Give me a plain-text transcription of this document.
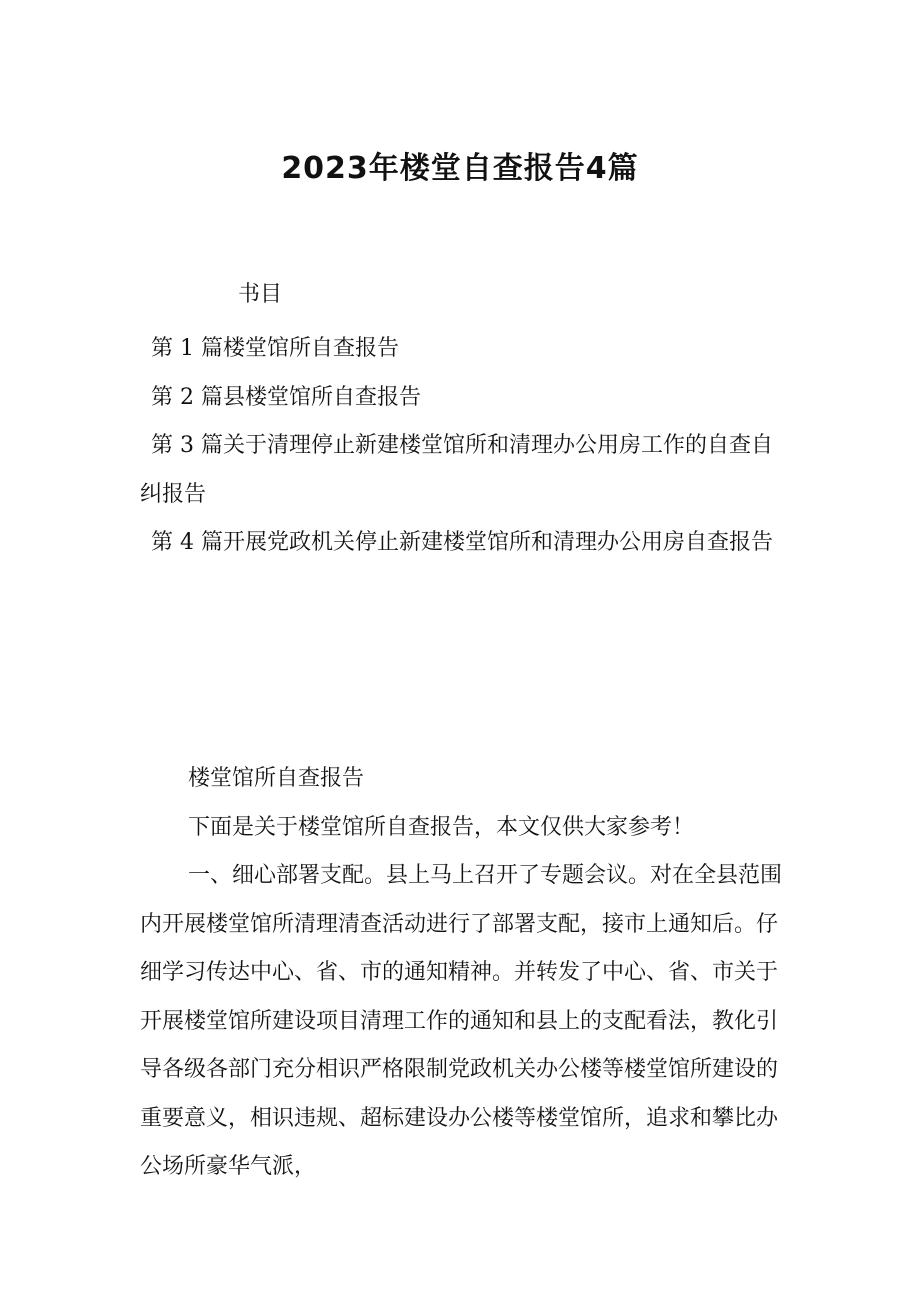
2023年楼堂自查报告4篇
书目
第 1 篇楼堂馆所自查报告
第 2 篇县楼堂馆所自查报告
第 3 篇关于清理停止新建楼堂馆所和清理办公用房工作的自查自纠报告
第 4 篇开展党政机关停止新建楼堂馆所和清理办公用房自查报告

楼堂馆所自查报告

下面是关于楼堂馆所自查报告，本文仅供大家参考！

一、细心部署支配。县上马上召开了专题会议。对在全县范围内开展楼堂馆所清理清查活动进行了部署支配，接市上通知后。仔细学习传达中心、省、市的通知精神。并转发了中心、省、市关于开展楼堂馆所建设项目清理工作的通知和县上的支配看法，教化引导各级各部门充分相识严格限制党政机关办公楼等楼堂馆所建设的重要意义，相识违规、超标建设办公楼等楼堂馆所，追求和攀比办公场所豪华气派，
